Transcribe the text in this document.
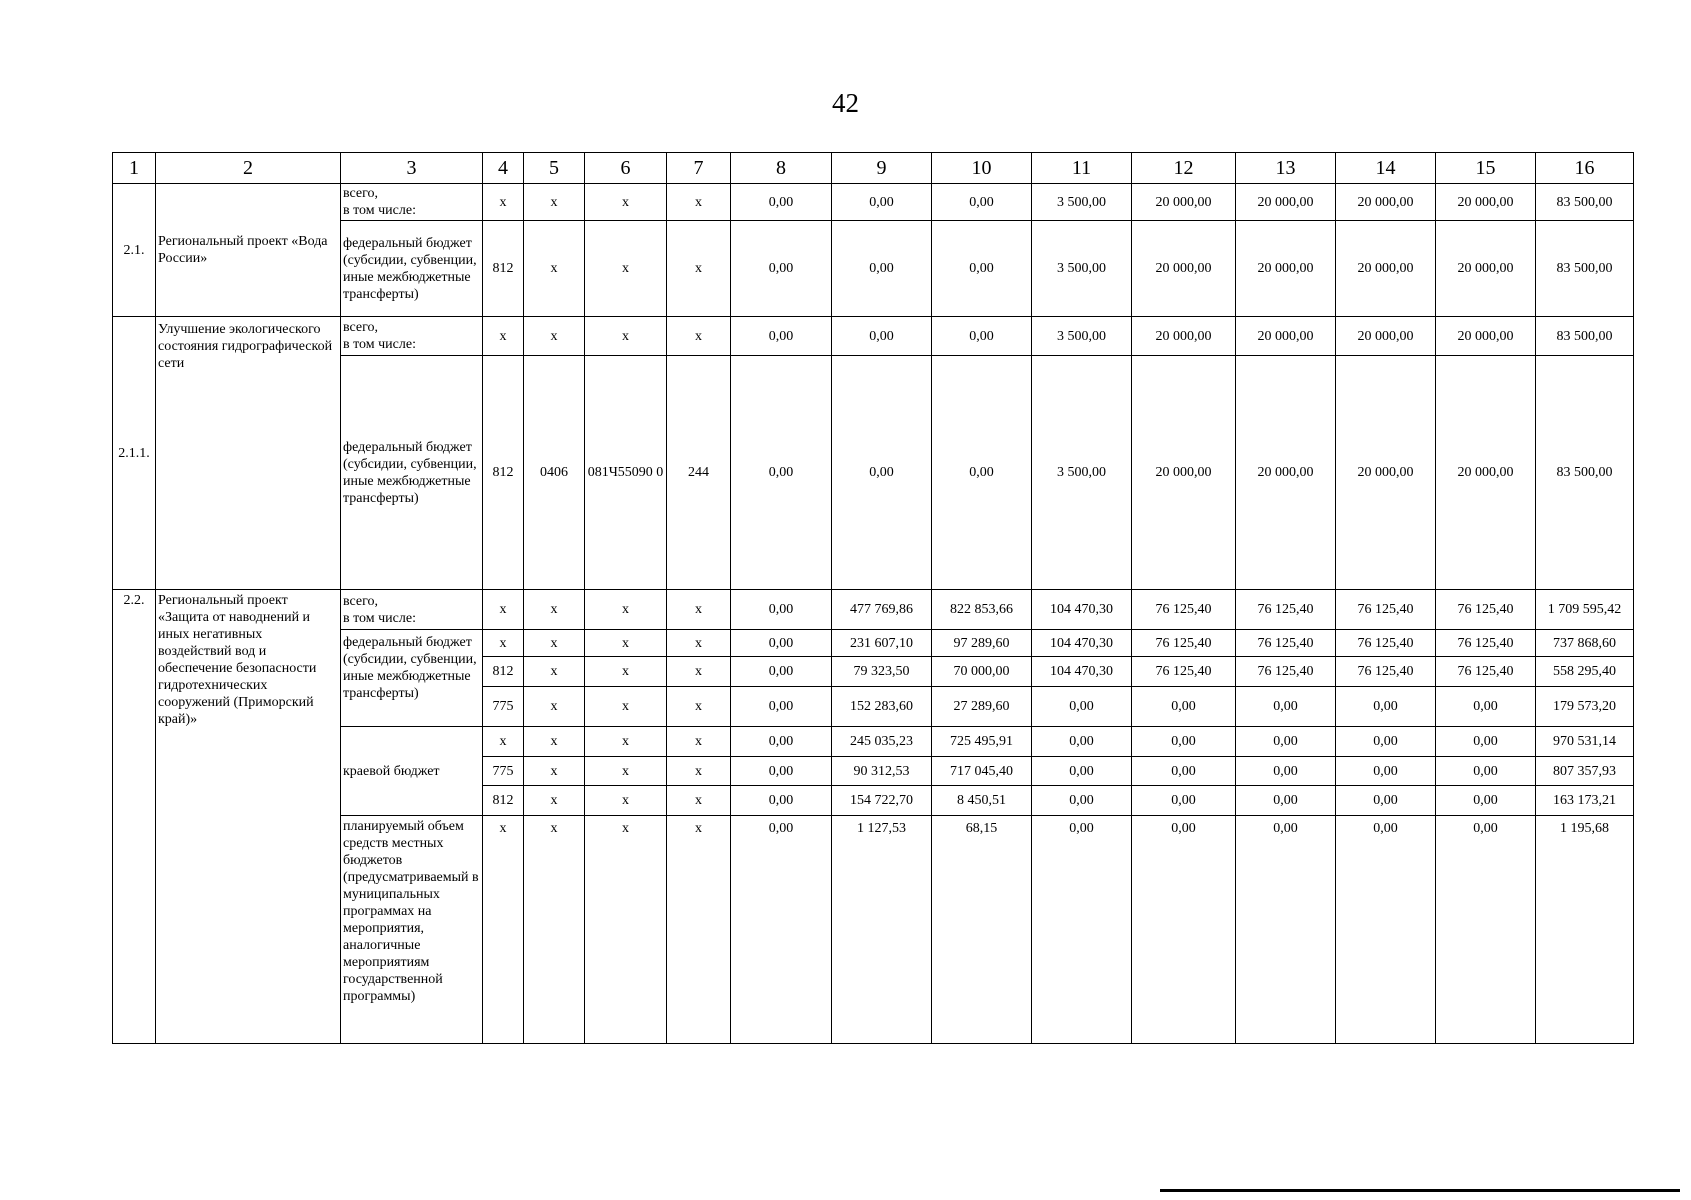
42
1	2	3	4	5	6	7	8	9	10	11	12	13	14	15	16
2.1.	Региональный проект «Вода России»	всего,
в том числе:	х	х	х	х	0,00	0,00	0,00	3 500,00	20 000,00	20 000,00	20 000,00	20 000,00	83 500,00
		федеральный бюджет (субсидии, субвенции, иные межбюджетные трансферты)	812	х	х	х	0,00	0,00	0,00	3 500,00	20 000,00	20 000,00	20 000,00	20 000,00	83 500,00
2.1.1.	Улучшение экологического состояния гидрографической сети	всего,
в том числе:	х	х	х	х	0,00	0,00	0,00	3 500,00	20 000,00	20 000,00	20 000,00	20 000,00	83 500,00
		федеральный бюджет (субсидии, субвенции, иные межбюджетные трансферты)	812	0406	081Ч55090 0	244	0,00	0,00	0,00	3 500,00	20 000,00	20 000,00	20 000,00	20 000,00	83 500,00
2.2.	Региональный проект «Защита от наводнений и иных негативных воздействий вод и обеспечение безопасности гидротехнических сооружений (Приморский край)»	всего,
в том числе:	х	х	х	х	0,00	477 769,86	822 853,66	104 470,30	76 125,40	76 125,40	76 125,40	76 125,40	1 709 595,42
		федеральный бюджет (субсидии, субвенции, иные межбюджетные трансферты)	х	х	х	х	0,00	231 607,10	97 289,60	104 470,30	76 125,40	76 125,40	76 125,40	76 125,40	737 868,60
			812	х	х	х	0,00	79 323,50	70 000,00	104 470,30	76 125,40	76 125,40	76 125,40	76 125,40	558 295,40
			775	х	х	х	0,00	152 283,60	27 289,60	0,00	0,00	0,00	0,00	0,00	179 573,20
		краевой бюджет	х	х	х	х	0,00	245 035,23	725 495,91	0,00	0,00	0,00	0,00	0,00	970 531,14
			775	х	х	х	0,00	90 312,53	717 045,40	0,00	0,00	0,00	0,00	0,00	807 357,93
			812	х	х	х	0,00	154 722,70	8 450,51	0,00	0,00	0,00	0,00	0,00	163 173,21
		планируемый объем средств местных бюджетов (предусматриваемый в муниципальных программах на мероприятия, аналогичные мероприятиям государственной программы)	х	х	х	х	0,00	1 127,53	68,15	0,00	0,00	0,00	0,00	0,00	1 195,68
